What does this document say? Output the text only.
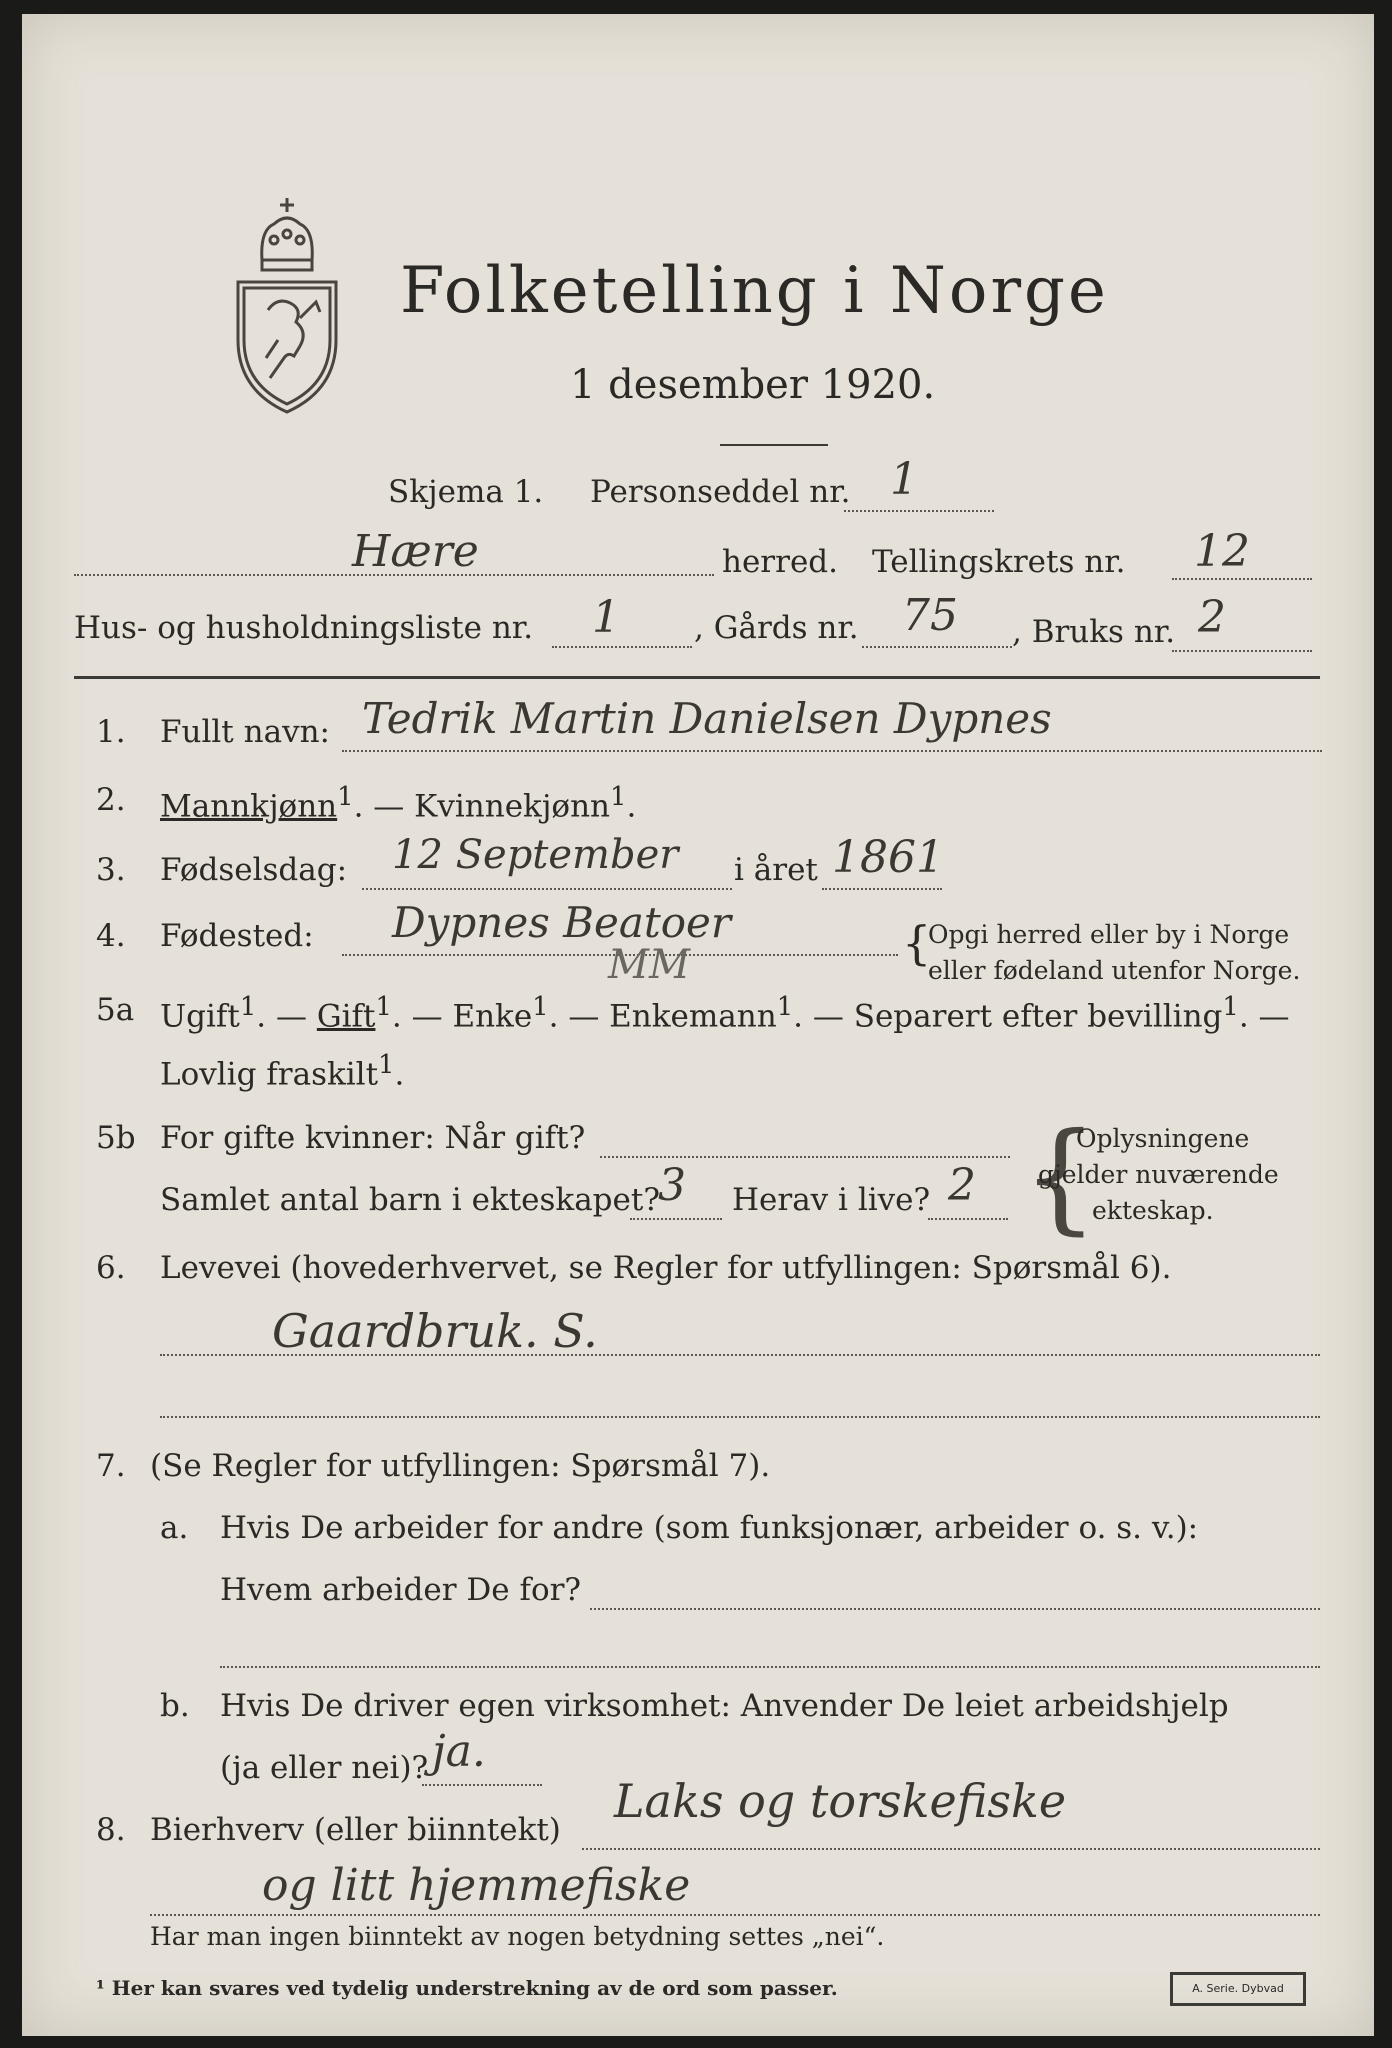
Folketelling i Norge
1 desember 1920.
Skjema 1. Personseddel nr. 1
Hære	herred. Tellingskrets nr. 12
Hus- og husholdningsliste nr. 1 , Gårds nr. 75 , Bruks nr. 2
1. Fullt navn: Tedrik Martin Danielsen Dypnes
2. Mannkjønn$^1$. — Kvinnekjønn$^1$.
3. Fødselsdag: 12 September i året 1861
4. Fødested: Dypnes Beatoer
MM	{
Opgi herred eller by i Norge
eller fødeland utenfor Norge.
5a Ugift$^1$. — Gift$^1$. — Enke$^1$. — Enkemann$^1$. — Separert efter bevilling$^1$. —
Lovlig fraskilt$^1$.
5b For gifte kvinner: Når gift?
Samlet antal barn i ekteskapet?
3 Herav i live? 2 {
Oplysningene
gjelder nuværende
ekteskap.
6. Levevei (hovederhvervet, se Regler for utfyllingen: Spørsmål 6).
Gaardbruk. S.
7. (Se Regler for utfyllingen: Spørsmål 7).
a. Hvis De arbeider for andre (som funksjonær, arbeider o. s. v.):
Hvem arbeider De for?
b. Hvis De driver egen virksomhet: Anvender De leiet arbeidshjelp
(ja eller nei)? ja.
8. Bierhverv (eller biinntekt)
Laks og torskefiske
og litt hjemmefiske
Har man ingen biinntekt av nogen betydning settes „nei“.
¹ Her kan svares ved tydelig understrekning av de ord som passer.	A. Serie. Dybvad
